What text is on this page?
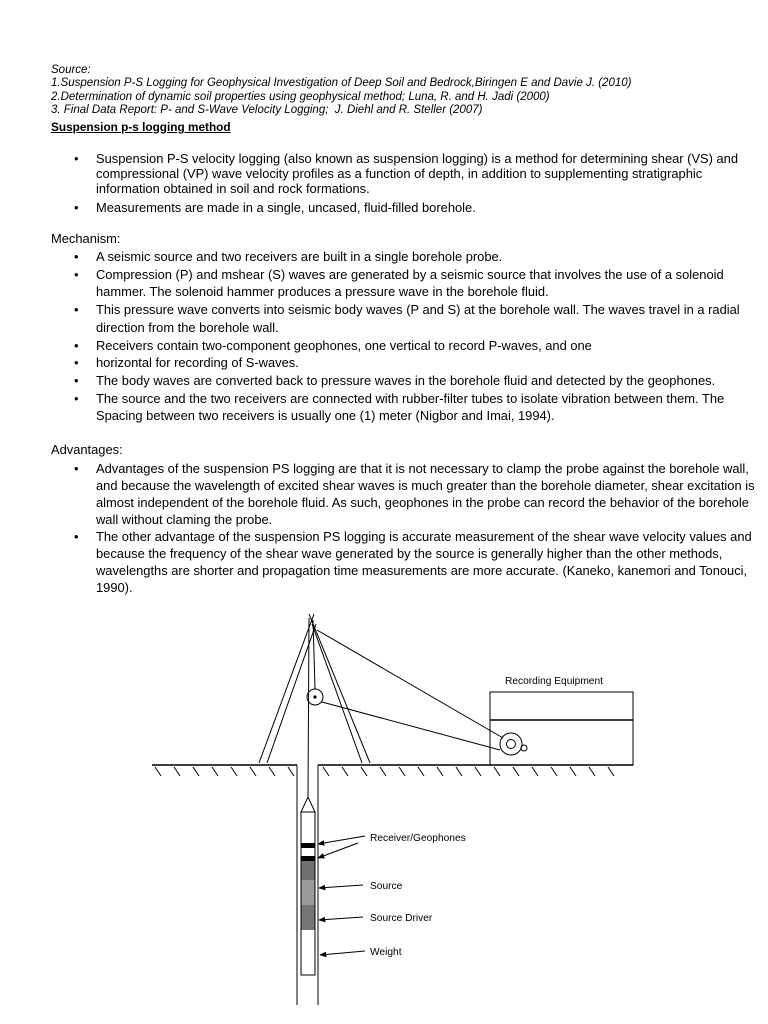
Source:
1.Suspension P-S Logging for Geophysical Investigation of Deep Soil and Bedrock,Biringen E and Davie J. (2010)
2.Determination of dynamic soil properties using geophysical method; Luna, R. and H. Jadi (2000)
3. Final Data Report: P- and S-Wave Velocity Logging;  J. Diehl and R. Steller (2007)
Suspension p-s logging method
• Suspension P-S velocity logging (also known as suspension logging) is a method for determining shear (VS) and
compressional (VP) wave velocity profiles as a function of depth, in addition to supplementing stratigraphic
information obtained in soil and rock formations.
• Measurements are made in a single, uncased, fluid-filled borehole.
Mechanism:
• A seismic source and two receivers are built in a single borehole probe.
• Compression (P) and mshear (S) waves are generated by a seismic source that involves the use of a solenoid
hammer. The solenoid hammer produces a pressure wave in the borehole fluid.
• This pressure wave converts into seismic body waves (P and S) at the borehole wall. The waves travel in a radial
direction from the borehole wall.
• Receivers contain two-component geophones, one vertical to record P-waves, and one
• horizontal for recording of S-waves.
• The body waves are converted back to pressure waves in the borehole fluid and detected by the geophones.
• The source and the two receivers are connected with rubber-filter tubes to isolate vibration between them. The
Spacing between two receivers is usually one (1) meter (Nigbor and Imai, 1994).
Advantages:
• Advantages of the suspension PS logging are that it is not necessary to clamp the probe against the borehole wall,
and because the wavelength of excited shear waves is much greater than the borehole diameter, shear excitation is
almost independent of the borehole fluid. As such, geophones in the probe can record the behavior of the borehole
wall without claming the probe.
• The other advantage of the suspension PS logging is accurate measurement of the shear wave velocity values and
because the frequency of the shear wave generated by the source is generally higher than the other methods,
wavelengths are shorter and propagation time measurements are more accurate. (Kaneko, kanemori and Tonouci,
1990).
Recording Equipment
Receiver/Geophones
Source
Source Driver
Weight
